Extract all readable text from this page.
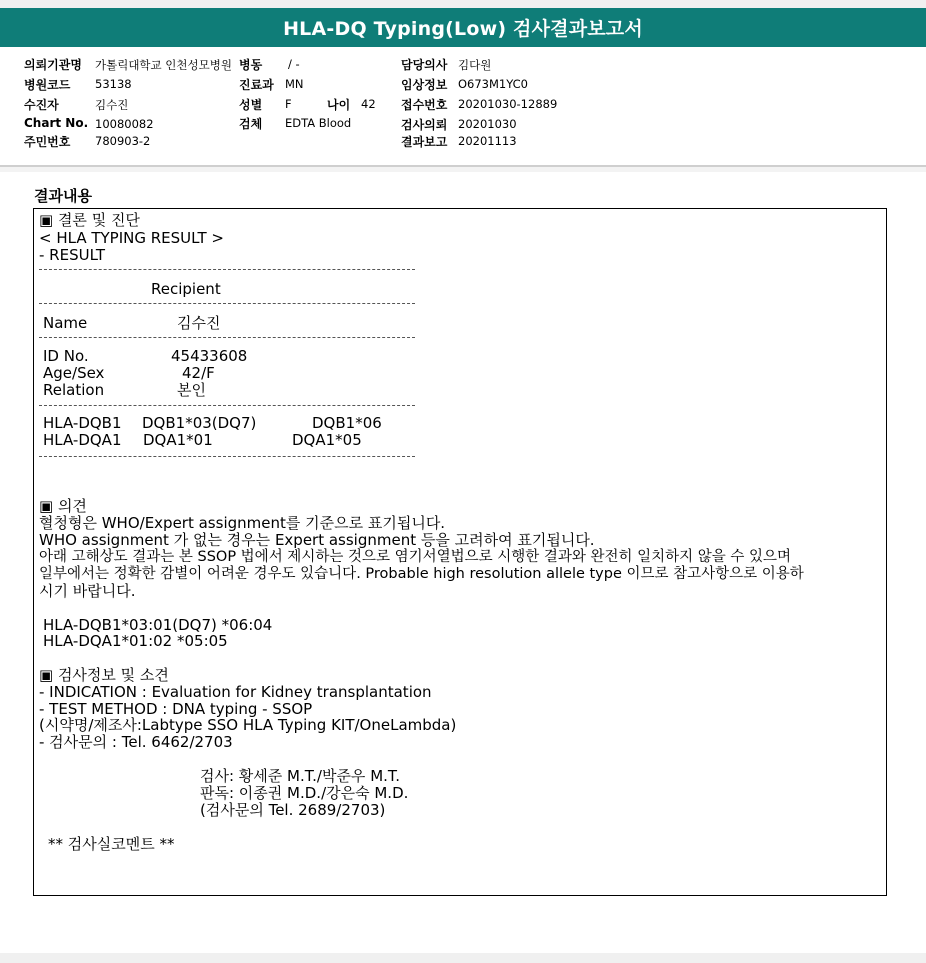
HLA-DQ Typing(Low) 검사결과보고서
의뢰기관명 가톨릭대학교 인천성모병원 병동 / -	담당의사 김다원
병원코드 53138	진료과 MN	임상정보 O673M1YC0
수진자	김수진	성별 F	나이 42 접수번호 20201030-12889
Chart No. 10080082	검체 EDTA Blood	검사의뢰 20201030
주민번호 780903-2	결과보고 20201113
결과내용
▣ 결론 및 진단
< HLA TYPING RESULT >
- RESULT
Recipient
Name	김수진
ID No.	45433608
Age/Sex	42/F
Relation	본인
HLA-DQB1 DQB1*03(DQ7)	DQB1*06
HLA-DQA1 DQA1*01	DQA1*05
▣ 의견
혈청형은 WHO/Expert assignment를 기준으로 표기됩니다.
WHO assignment 가 없는 경우는 Expert assignment 등을 고려하여 표기됩니다.
아래 고해상도 결과는 본 SSOP 법에서 제시하는 것으로 염기서열법으로 시행한 결과와 완전히 일치하지 않을 수 있으며
일부에서는 정확한 감별이 어려운 경우도 있습니다. Probable high resolution allele type 이므로 참고사항으로 이용하
시기 바랍니다.
HLA-DQB1*03:01(DQ7) *06:04
HLA-DQA1*01:02 *05:05
▣ 검사정보 및 소견
- INDICATION : Evaluation for Kidney transplantation
- TEST METHOD : DNA typing - SSOP
(시약명/제조사:Labtype SSO HLA Typing KIT/OneLambda)
- 검사문의 : Tel. 6462/2703
검사: 황세준 M.T./박준우 M.T.
판독: 이종권 M.D./강은숙 M.D.
(검사문의 Tel. 2689/2703)
** 검사실코멘트 **
